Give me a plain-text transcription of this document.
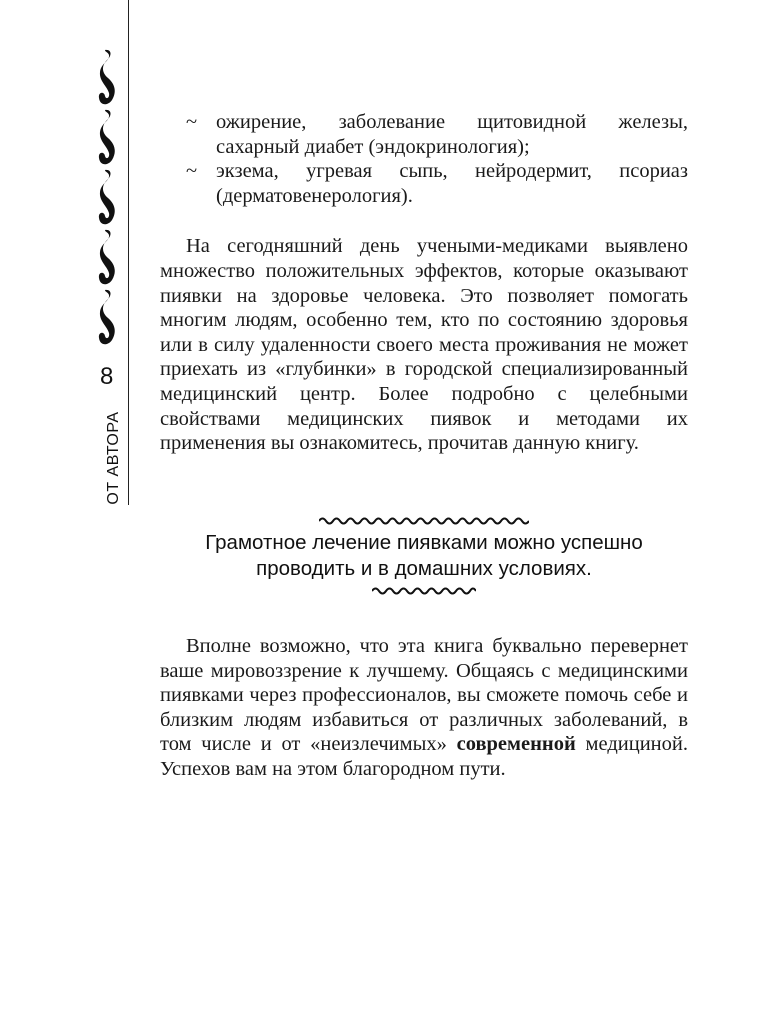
8
ОТ АВТОРА
~ ожирение, заболевание щитовидной железы, сахарный диабет (эндокринология);
~ экзема, угревая сыпь, нейродермит, псориаз (дерматовенерология).

На сегодняшний день учеными-медиками выявлено множество положительных эффектов, которые оказывают пиявки на здоровье человека. Это позволяет помогать многим людям, особенно тем, кто по состоянию здоровья или в силу удаленности своего места проживания не может приехать из «глубинки» в городской специализированный медицинский центр. Более подробно с целебными свойствами медицинских пиявок и методами их применения вы ознакомитесь, прочитав данную книгу.

Грамотное лечение пиявками можно успешно
проводить и в домашних условиях.

Вполне возможно, что эта книга буквально перевернет ваше мировоззрение к лучшему. Общаясь с медицинскими пиявками через профессионалов, вы сможете помочь себе и близким людям избавиться от различных заболеваний, в том числе и от «неизлечимых» современной медициной. Успехов вам на этом благородном пути.
